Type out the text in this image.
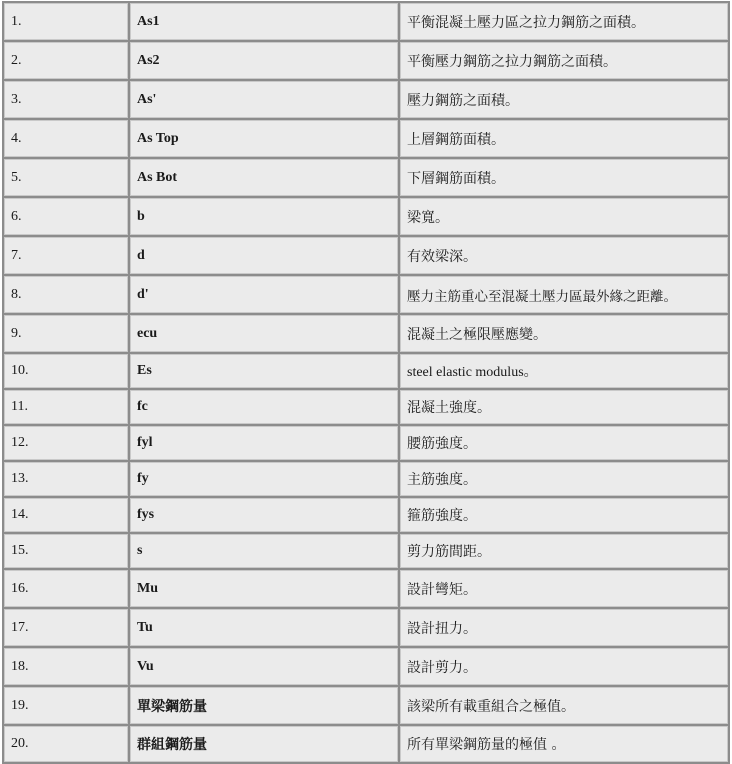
1.	As1	平衡混凝土壓力區之拉力鋼筋之面積。
2.	As2	平衡壓力鋼筋之拉力鋼筋之面積。
3.	As'	壓力鋼筋之面積。
4.	As Top	上層鋼筋面積。
5.	As Bot	下層鋼筋面積。
6.	b	梁寬。
7.	d	有效梁深。
8.	d'	壓力主筋重心至混凝土壓力區最外緣之距離。
9.	ecu	混凝土之極限壓應變。
10.	Es	steel elastic modulus。
11.	fc	混凝土強度。
12.	fyl	腰筋強度。
13.	fy	主筋強度。
14.	fys	箍筋強度。
15.	s	剪力筋間距。
16.	Mu	設計彎矩。
17.	Tu	設計扭力。
18.	Vu	設計剪力。
19.	單梁鋼筋量	該梁所有載重組合之極值。
20.	群組鋼筋量	所有單梁鋼筋量的極值 。
